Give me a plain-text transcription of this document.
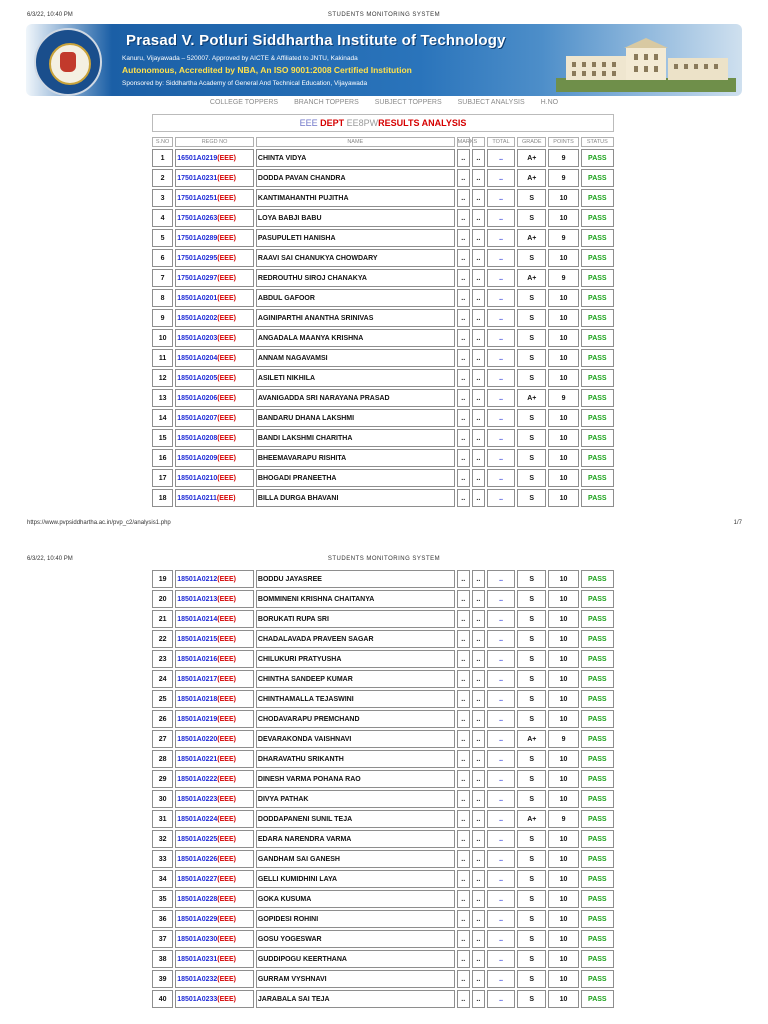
6/3/22, 10:40 PM	STUDENTS MONITORING SYSTEM
Prasad V. Potluri Siddhartha Institute of Technology
Kanuru, Vijayawada – 520007. Approved by AICTE & Affiliated to JNTU, Kakinada
Autonomous, Accredited by NBA, An ISO 9001:2008 Certified Institution
Sponsored by: Siddhartha Academy of General And Technical Education, Vijayawada
COLLEGE TOPPERS BRANCH TOPPERS SUBJECT TOPPERS SUBJECT ANALYSIS H.NO
EEE DEPT EE8PWRESULTS ANALYSIS
S.NO	REGD NO	NAME	MARKS		TOTAL	GRADE	POINTS	STATUS
1	16501A0219(EEE)	CHINTA VIDYA	..	..	..	A+	9	PASS
2	17501A0231(EEE)	DODDA PAVAN CHANDRA	..	..	..	A+	9	PASS
3	17501A0251(EEE)	KANTIMAHANTHI PUJITHA	..	..	..	S	10	PASS
4	17501A0263(EEE)	LOYA BABJI BABU	..	..	..	S	10	PASS
5	17501A0289(EEE)	PASUPULETI HANISHA	..	..	..	A+	9	PASS
6	17501A0295(EEE)	RAAVI SAI CHANUKYA CHOWDARY	..	..	..	S	10	PASS
7	17501A0297(EEE)	REDROUTHU SIROJ CHANAKYA	..	..	..	A+	9	PASS
8	18501A0201(EEE)	ABDUL GAFOOR	..	..	..	S	10	PASS
9	18501A0202(EEE)	AGINIPARTHI ANANTHA SRINIVAS	..	..	..	S	10	PASS
10	18501A0203(EEE)	ANGADALA MAANYA KRISHNA	..	..	..	S	10	PASS
11	18501A0204(EEE)	ANNAM NAGAVAMSI	..	..	..	S	10	PASS
12	18501A0205(EEE)	ASILETI NIKHILA	..	..	..	S	10	PASS
13	18501A0206(EEE)	AVANIGADDA SRI NARAYANA PRASAD	..	..	..	A+	9	PASS
14	18501A0207(EEE)	BANDARU DHANA LAKSHMI	..	..	..	S	10	PASS
15	18501A0208(EEE)	BANDI LAKSHMI CHARITHA	..	..	..	S	10	PASS
16	18501A0209(EEE)	BHEEMAVARAPU RISHITA	..	..	..	S	10	PASS
17	18501A0210(EEE)	BHOGADI PRANEETHA	..	..	..	S	10	PASS
18	18501A0211(EEE)	BILLA DURGA BHAVANI	..	..	..	S	10	PASS
https://www.pvpsiddhartha.ac.in/pvp_c2/analysis1.php	1/7
6/3/22, 10:40 PM	STUDENTS MONITORING SYSTEM
19	18501A0212(EEE)	BODDU JAYASREE	..	..	..	S	10	PASS
20	18501A0213(EEE)	BOMMINENI KRISHNA CHAITANYA	..	..	..	S	10	PASS
21	18501A0214(EEE)	BORUKATI RUPA SRI	..	..	..	S	10	PASS
22	18501A0215(EEE)	CHADALAVADA PRAVEEN SAGAR	..	..	..	S	10	PASS
23	18501A0216(EEE)	CHILUKURI PRATYUSHA	..	..	..	S	10	PASS
24	18501A0217(EEE)	CHINTHA SANDEEP KUMAR	..	..	..	S	10	PASS
25	18501A0218(EEE)	CHINTHAMALLA TEJASWINI	..	..	..	S	10	PASS
26	18501A0219(EEE)	CHODAVARAPU PREMCHAND	..	..	..	S	10	PASS
27	18501A0220(EEE)	DEVARAKONDA VAISHNAVI	..	..	..	A+	9	PASS
28	18501A0221(EEE)	DHARAVATHU SRIKANTH	..	..	..	S	10	PASS
29	18501A0222(EEE)	DINESH VARMA POHANA RAO	..	..	..	S	10	PASS
30	18501A0223(EEE)	DIVYA PATHAK	..	..	..	S	10	PASS
31	18501A0224(EEE)	DODDAPANENI SUNIL TEJA	..	..	..	A+	9	PASS
32	18501A0225(EEE)	EDARA NARENDRA VARMA	..	..	..	S	10	PASS
33	18501A0226(EEE)	GANDHAM SAI GANESH	..	..	..	S	10	PASS
34	18501A0227(EEE)	GELLI KUMIDHINI LAYA	..	..	..	S	10	PASS
35	18501A0228(EEE)	GOKA KUSUMA	..	..	..	S	10	PASS
36	18501A0229(EEE)	GOPIDESI ROHINI	..	..	..	S	10	PASS
37	18501A0230(EEE)	GOSU YOGESWAR	..	..	..	S	10	PASS
38	18501A0231(EEE)	GUDDIPOGU KEERTHANA	..	..	..	S	10	PASS
39	18501A0232(EEE)	GURRAM VYSHNAVI	..	..	..	S	10	PASS
40	18501A0233(EEE)	JARABALA SAI TEJA	..	..	..	S	10	PASS
